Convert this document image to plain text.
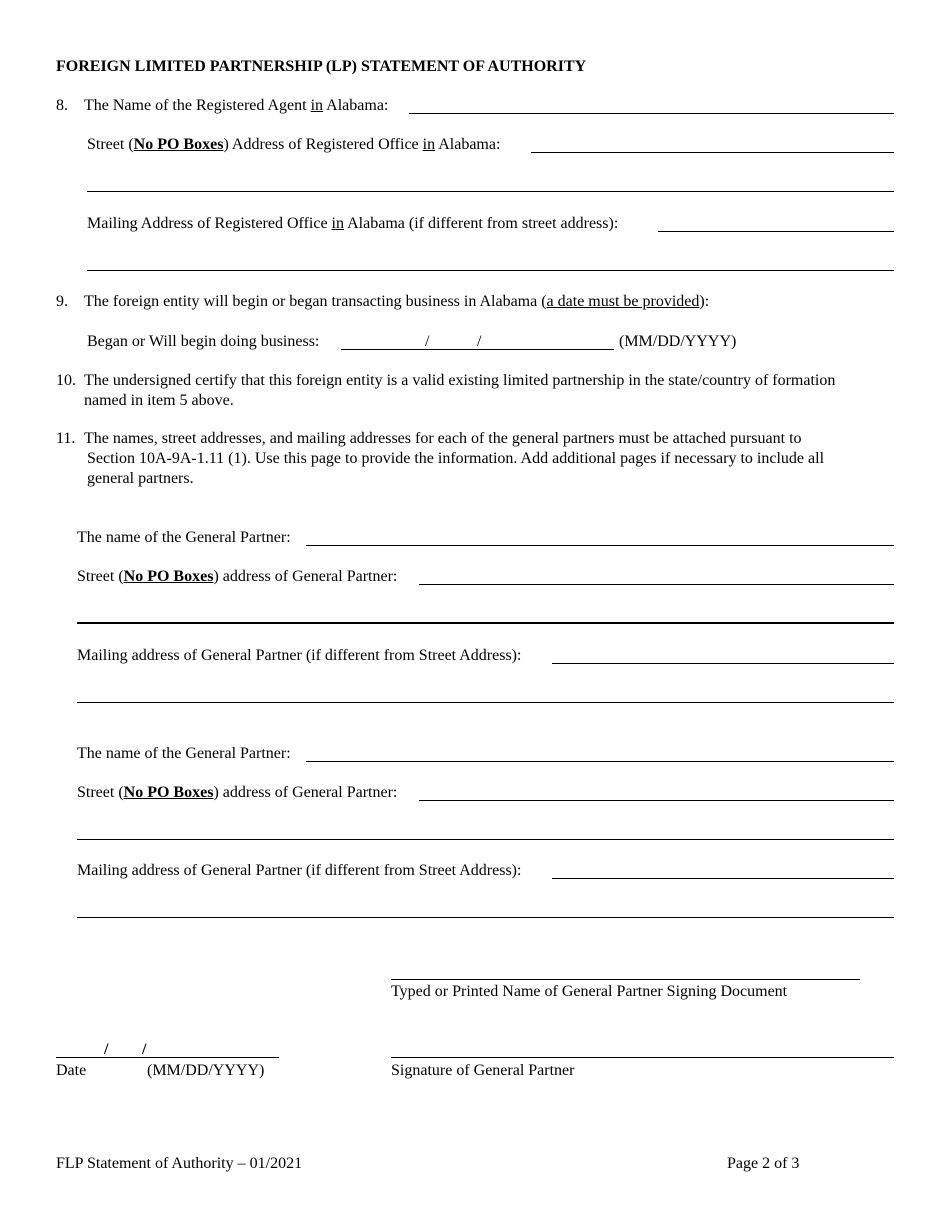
FOREIGN LIMITED PARTNERSHIP (LP) STATEMENT OF AUTHORITY
8. The Name of the Registered Agent in Alabama:
Street (No PO Boxes) Address of Registered Office in Alabama:
Mailing Address of Registered Office in Alabama (if different from street address):
9. The foreign entity will begin or began transacting business in Alabama (a date must be provided):
Began or Will begin doing business:	/	/	(MM/DD/YYYY)
10. The undersigned certify that this foreign entity is a valid existing limited partnership in the state/country of formation
named in item 5 above.
11. The names, street addresses, and mailing addresses for each of the general partners must be attached pursuant to
Section 10A-9A-1.11 (1). Use this page to provide the information. Add additional pages if necessary to include all
general partners.
The name of the General Partner:
Street (No PO Boxes) address of General Partner:
Mailing address of General Partner (if different from Street Address):
The name of the General Partner:
Street (No PO Boxes) address of General Partner:
Mailing address of General Partner (if different from Street Address):
Typed or Printed Name of General Partner Signing Document
/ /
Date	(MM/DD/YYYY)	Signature of General Partner
FLP Statement of Authority – 01/2021	Page 2 of 3
